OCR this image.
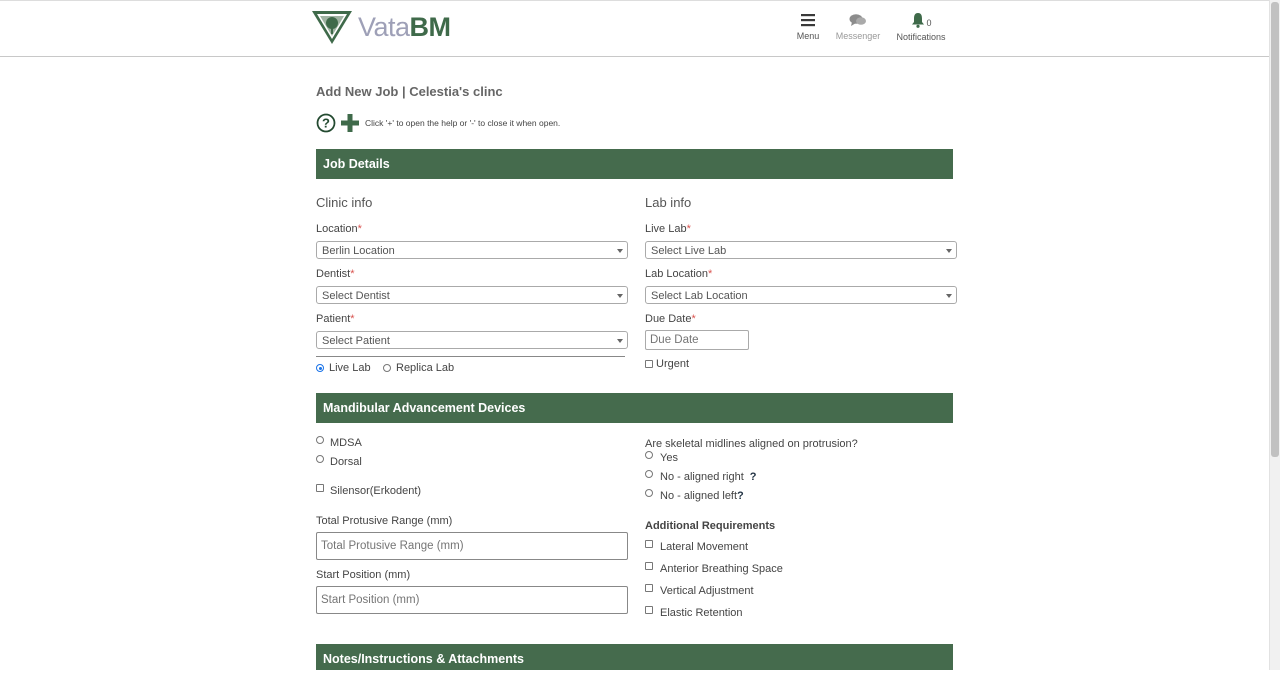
VataBM	Menu Messenger
0
Notifications
Add New Job | Celestia's clinc
?	Click '+' to open the help or '-' to close it when open.
Job Details
Clinic info	Lab info
Location*
Berlin Location
Dentist*
Select Dentist
Patient*
Select Patient
Live Lab Replica Lab
Live Lab*
Select Live Lab
Lab Location*
Select Lab Location
Due Date*
Due Date
Urgent
Mandibular Advancement Devices
MDSA
Dorsal
Silensor(Erkodent)
Total Protusive Range (mm)
Total Protusive Range (mm)
Start Position (mm)
Start Position (mm)
Are skeletal midlines aligned on protrusion?
Yes
No - aligned right ?
No - aligned left ?
Additional Requirements
Lateral Movement
Anterior Breathing Space
Vertical Adjustment
Elastic Retention
Notes/Instructions & Attachments
